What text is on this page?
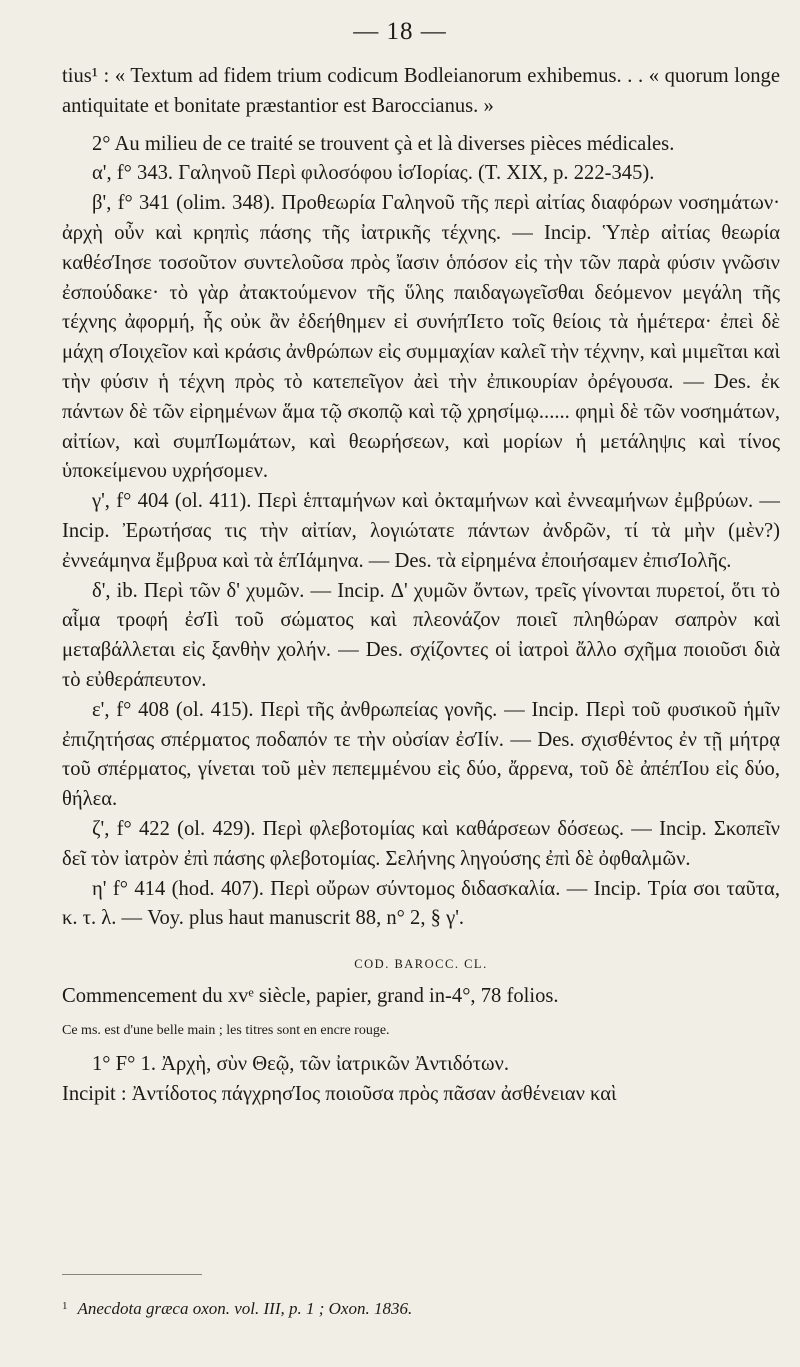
— 18 —

tius¹ : « Textum ad fidem trium codicum Bodleianorum exhibemus. . . « quorum longe antiquitate et bonitate præstantior est Baroccianus. »

2° Au milieu de ce traité se trouvent çà et là diverses pièces médicales.

α', f° 343. Γαληνοῦ Περὶ φιλοσόφου ἱσΊορίας. (T. XIX, p. 222-345).

β', f° 341 (olim. 348). Προθεωρία Γαληνοῦ τῆς περὶ αἰτίας διαφόρων νοσημάτων· ἀρχὴ οὖν καὶ κρηπὶς πάσης τῆς ἰατρικῆς τέχνης. — Incip. Ὑπὲρ αἰτίας θεωρία καθέσΊησε τοσοῦτον συντελοῦσα πρὸς ἴασιν ὁπόσον εἰς τὴν τῶν παρὰ φύσιν γνῶσιν ἐσπούδακε· τὸ γὰρ ἀτακτούμενον τῆς ὕλης παιδαγωγεῖσθαι δεόμενον μεγάλη τῆς τέχνης ἀφορμή, ἧς οὐκ ἂν ἐδεήθημεν εἰ συνήπΊετο τοῖς θείοις τὰ ἡμέτερα· ἐπεὶ δὲ μάχη σΊοιχεῖον καὶ κράσις ἀνθρώπων εἰς συμμαχίαν καλεῖ τὴν τέχνην, καὶ μιμεῖται καὶ τὴν φύσιν ἡ τέχνη πρὸς τὸ κατεπεῖγον ἀεὶ τὴν ἐπικουρίαν ὀρέγουσα. — Des. ἐκ πάντων δὲ τῶν εἰρημένων ἅμα τῷ σκοπῷ καὶ τῷ χρησίμῳ...... φημὶ δὲ τῶν νοσημάτων, αἰτίων, καὶ συμπΊωμάτων, καὶ θεωρήσεων, καὶ μορίων ἡ μετάληψις καὶ τίνος ὑποκείμενου υχρήσομεν.

γ', f° 404 (ol. 411). Περὶ ἑπταμήνων καὶ ὀκταμήνων καὶ ἐννεαμήνων ἐμβρύων. — Incip. Ἐρωτήσας τις τὴν αἰτίαν, λογιώτατε πάντων ἀνδρῶν, τί τὰ μὴν (μὲν?) ἐννεάμηνα ἔμβρυα καὶ τὰ ἑπΊάμηνα. — Des. τὰ εἰρημένα ἐποιήσαμεν ἐπισΊολῆς.

δ', ib. Περὶ τῶν δ' χυμῶν. — Incip. Δ' χυμῶν ὄντων, τρεῖς γίνονται πυρετοί, ὅτι τὸ αἷμα τροφή ἐσΊὶ τοῦ σώματος καὶ πλεονάζον ποιεῖ πληθώραν σαπρὸν καὶ μεταβάλλεται εἰς ξανθὴν χολήν. — Des. σχίζοντες οἱ ἰατροὶ ἄλλο σχῆμα ποιοῦσι διὰ τὸ εὐθεράπευτον.

ε', f° 408 (ol. 415). Περὶ τῆς ἀνθρωπείας γονῆς. — Incip. Περὶ τοῦ φυσικοῦ ἡμῖν ἐπιζητήσας σπέρματος ποδαπόν τε τὴν οὐσίαν ἐσΊίν. — Des. σχισθέντος ἐν τῇ μήτρᾳ τοῦ σπέρματος, γίνεται τοῦ μὲν πεπεμμένου εἰς δύο, ἄρρενα, τοῦ δὲ ἀπέπΊου εἰς δύο, θήλεα.

ζ', f° 422 (ol. 429). Περὶ φλεβοτομίας καὶ καθάρσεων δόσεως. — Incip. Σκοπεῖν δεῖ τὸν ἰατρὸν ἐπὶ πάσης φλεβοτομίας. Σελήνης ληγούσης ἐπὶ δὲ ὀφθαλμῶν.

η' f° 414 (hod. 407). Περὶ οὔρων σύντομος διδασκαλία. — Incip. Τρία σοι ταῦτα, κ. τ. λ. — Voy. plus haut manuscrit 88, n° 2, § γ'.

COD. BAROCC. CL.

Commencement du xvᵉ siècle, papier, grand in-4°, 78 folios.

Ce ms. est d'une belle main ; les titres sont en encre rouge.

1° F° 1. Ἀρχὴ, σὺν Θεῷ, τῶν ἰατρικῶν Ἀντιδότων.

Incipit : Ἀντίδοτος πάγχρησΊος ποιοῦσα πρὸς πᾶσαν ἀσθένειαν καὶ

$^1$ Anecdota græca oxon. vol. III, p. 1 ; Oxon. 1836.
